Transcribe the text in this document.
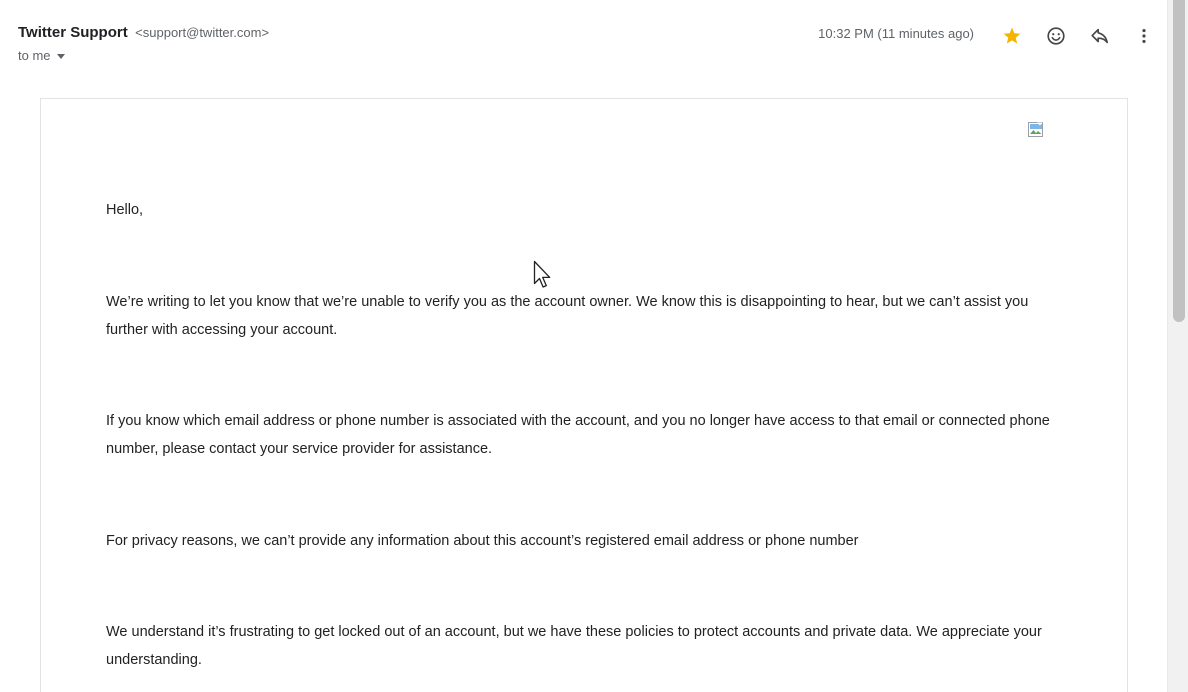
Twitter Support <support@twitter.com>
to me
10:32 PM (11 minutes ago)

Hello,

We’re writing to let you know that we’re unable to verify you as the account owner. We know this is disappointing to hear, but we can’t assist you further with accessing your account.

If you know which email address or phone number is associated with the account, and you no longer have access to that email or connected phone number, please contact your service provider for assistance.

For privacy reasons, we can’t provide any information about this account’s registered email address or phone number

We understand it’s frustrating to get locked out of an account, but we have these policies to protect accounts and private data. We appreciate your understanding.
